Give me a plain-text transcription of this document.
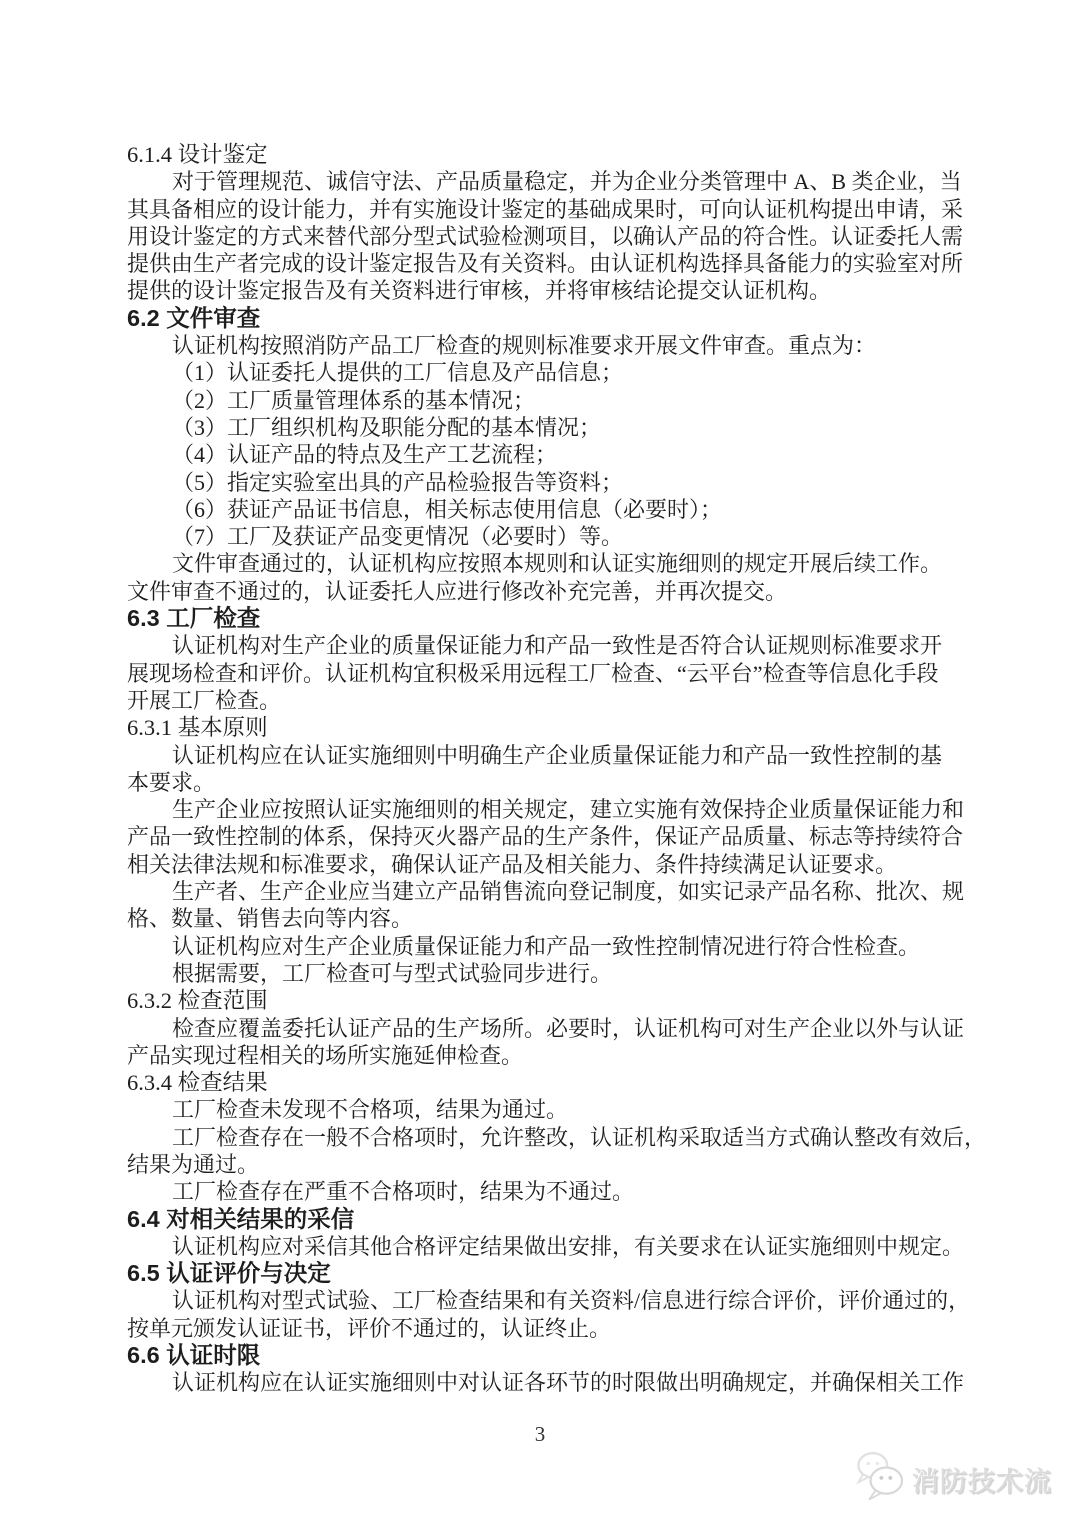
6.1.4 设计鉴定
对于管理规范、诚信守法、产品质量稳定，并为企业分类管理中 A、B 类企业，当
其具备相应的设计能力，并有实施设计鉴定的基础成果时，可向认证机构提出申请，采
用设计鉴定的方式来替代部分型式试验检测项目，以确认产品的符合性。认证委托人需
提供由生产者完成的设计鉴定报告及有关资料。由认证机构选择具备能力的实验室对所
提供的设计鉴定报告及有关资料进行审核，并将审核结论提交认证机构。
6.2 文件审查
认证机构按照消防产品工厂检查的规则标准要求开展文件审查。重点为：
（1）认证委托人提供的工厂信息及产品信息；
（2）工厂质量管理体系的基本情况；
（3）工厂组织机构及职能分配的基本情况；
（4）认证产品的特点及生产工艺流程；
（5）指定实验室出具的产品检验报告等资料；
（6）获证产品证书信息，相关标志使用信息（必要时）；
（7）工厂及获证产品变更情况（必要时）等。
文件审查通过的，认证机构应按照本规则和认证实施细则的规定开展后续工作。
文件审查不通过的，认证委托人应进行修改补充完善，并再次提交。
6.3 工厂检查
认证机构对生产企业的质量保证能力和产品一致性是否符合认证规则标准要求开
展现场检查和评价。认证机构宜积极采用远程工厂检查、“云平台”检查等信息化手段
开展工厂检查。
6.3.1 基本原则
认证机构应在认证实施细则中明确生产企业质量保证能力和产品一致性控制的基
本要求。
生产企业应按照认证实施细则的相关规定，建立实施有效保持企业质量保证能力和
产品一致性控制的体系，保持灭火器产品的生产条件，保证产品质量、标志等持续符合
相关法律法规和标准要求，确保认证产品及相关能力、条件持续满足认证要求。
生产者、生产企业应当建立产品销售流向登记制度，如实记录产品名称、批次、规
格、数量、销售去向等内容。
认证机构应对生产企业质量保证能力和产品一致性控制情况进行符合性检查。
根据需要，工厂检查可与型式试验同步进行。
6.3.2 检查范围
检查应覆盖委托认证产品的生产场所。必要时，认证机构可对生产企业以外与认证
产品实现过程相关的场所实施延伸检查。
6.3.4 检查结果
工厂检查未发现不合格项，结果为通过。
工厂检查存在一般不合格项时，允许整改，认证机构采取适当方式确认整改有效后，
结果为通过。
工厂检查存在严重不合格项时，结果为不通过。
6.4 对相关结果的采信
认证机构应对采信其他合格评定结果做出安排，有关要求在认证实施细则中规定。
6.5 认证评价与决定
认证机构对型式试验、工厂检查结果和有关资料/信息进行综合评价，评价通过的，
按单元颁发认证证书，评价不通过的，认证终止。
6.6 认证时限
认证机构应在认证实施细则中对认证各环节的时限做出明确规定，并确保相关工作
3
消防技术流
